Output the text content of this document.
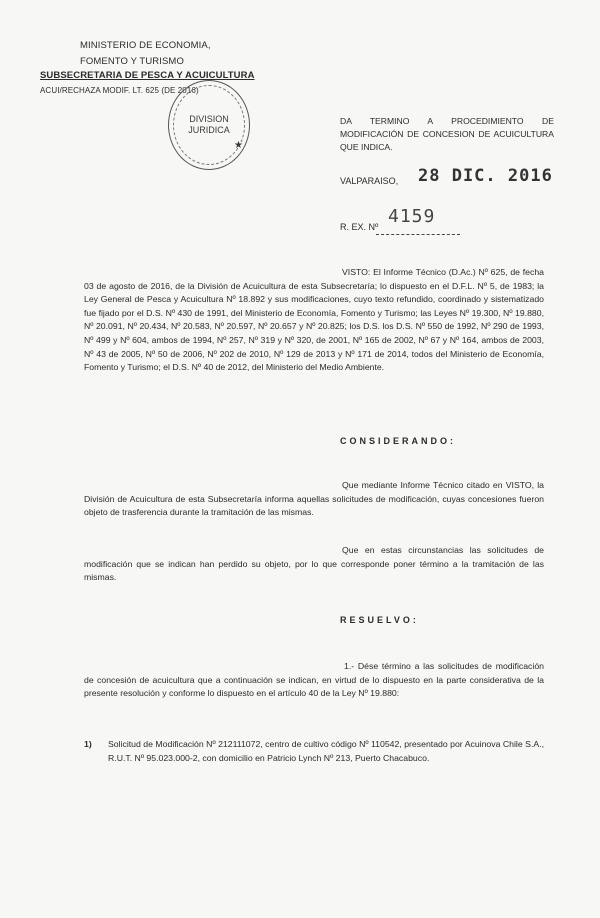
MINISTERIO DE ECONOMIA,
FOMENTO Y TURISMO
SUBSECRETARIA DE PESCA Y ACUICULTURA
ACUI/RECHAZA MODIF. LT. 625 (DE 2016)
DIVISION
JURIDICA
★
DA TERMINO A PROCEDIMIENTO DE MODIFICACIÓN DE CONCESION DE ACUICULTURA QUE INDICA.
VALPARAISO, 28 DIC. 2016
R. EX. Nº 4159
VISTO: El Informe Técnico (D.Ac.) Nº 625, de fecha 03 de agosto de 2016, de la División de Acuicultura de esta Subsecretaría; lo dispuesto en el D.F.L. Nº 5, de 1983; la Ley General de Pesca y Acuicultura Nº 18.892 y sus modificaciones, cuyo texto refundido, coordinado y sistematizado fue fijado por el D.S. Nº 430 de 1991, del Ministerio de Economía, Fomento y Turismo; las Leyes Nº 19.300, Nº 19.880, Nº 20.091, Nº 20.434, Nº 20.583, Nº 20.597, Nº 20.657 y Nº 20.825; los D.S. los D.S. Nº 550 de 1992, Nº 290 de 1993, Nº 499 y Nº 604, ambos de 1994, Nº 257, Nº 319 y Nº 320, de 2001, Nº 165 de 2002, Nº 67 y Nº 164, ambos de 2003, Nº 43 de 2005, Nº 50 de 2006, Nº 202 de 2010, Nº 129 de 2013 y Nº 171 de 2014, todos del Ministerio de Economía, Fomento y Turismo; el D.S. Nº 40 de 2012, del Ministerio del Medio Ambiente.
CONSIDERANDO:
Que mediante Informe Técnico citado en VISTO, la División de Acuicultura de esta Subsecretaría informa aquellas solicitudes de modificación, cuyas concesiones fueron objeto de trasferencia durante la tramitación de las mismas.
Que en estas circunstancias las solicitudes de modificación que se indican han perdido su objeto, por lo que corresponde poner término a la tramitación de las mismas.
RESUELVO:
1.- Dése término a las solicitudes de modificación de concesión de acuicultura que a continuación se indican, en virtud de lo dispuesto en la parte considerativa de la presente resolución y conforme lo dispuesto en el artículo 40 de la Ley Nº 19.880:
1)	Solicitud de Modificación Nº 212111072, centro de cultivo código Nº 110542, presentado por Acuinova Chile S.A., R.U.T. Nº 95.023.000-2, con domicilio en Patricio Lynch Nº 213, Puerto Chacabuco.
